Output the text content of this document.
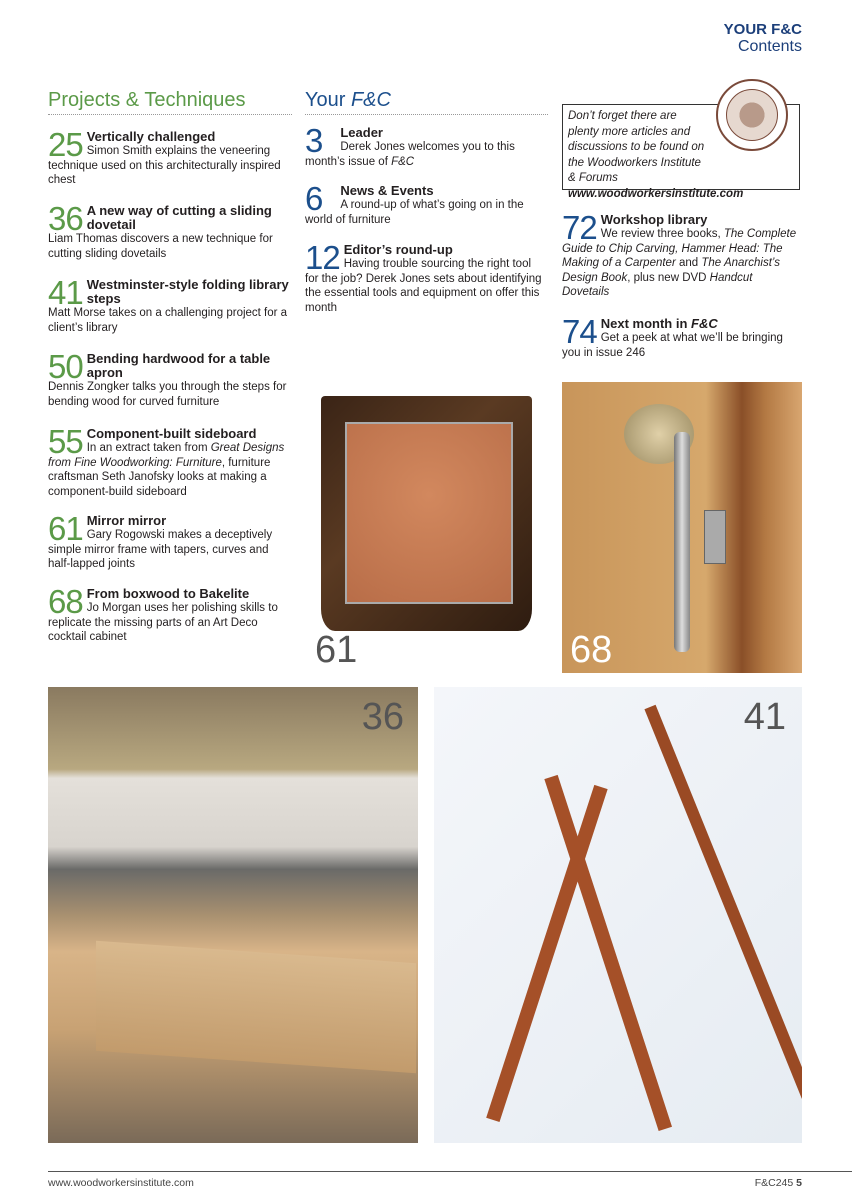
YOUR F&C
Contents
Projects & Techniques	Your F&C
25 Vertically challenged
Simon Smith explains the veneering technique used on this architecturally inspired chest
36 A new way of cutting a sliding dovetail
Liam Thomas discovers a new technique for cutting sliding dovetails
41 Westminster-style folding library steps
Matt Morse takes on a challenging project for a client’s library
50 Bending hardwood for a table apron
Dennis Zongker talks you through the steps for bending wood for curved furniture
55 Component-built sideboard
In an extract taken from Great Designs from Fine Woodworking: Furniture, furniture craftsman Seth Janofsky looks at making a component-build sideboard
61 Mirror mirror
Gary Rogowski makes a deceptively simple mirror frame with tapers, curves and half-lapped joints
68 From boxwood to Bakelite
Jo Morgan uses her polishing skills to replicate the missing parts of an Art Deco cocktail cabinet
3	Leader
Derek Jones welcomes you to this month’s issue of F&C
6	News & Events
A round-up of what’s going on in the world of furniture
12 Editor’s round-up
Having trouble sourcing the right tool for the job? Derek Jones sets about identifying the essential tools and equipment on offer this month
Don’t forget there are plenty more articles and discussions to be found on the Woodworkers Institute & Forums
www.woodworkersinstitute.com
72 Workshop library
We review three books, The Complete Guide to Chip Carving, Hammer Head: The Making of a Carpenter and The Anarchist’s Design Book, plus new DVD Handcut Dovetails
74 Next month in F&C
Get a peek at what we’ll be bringing you in issue 246
61	68
36	41
www.woodworkersinstitute.com	F&C245 5
